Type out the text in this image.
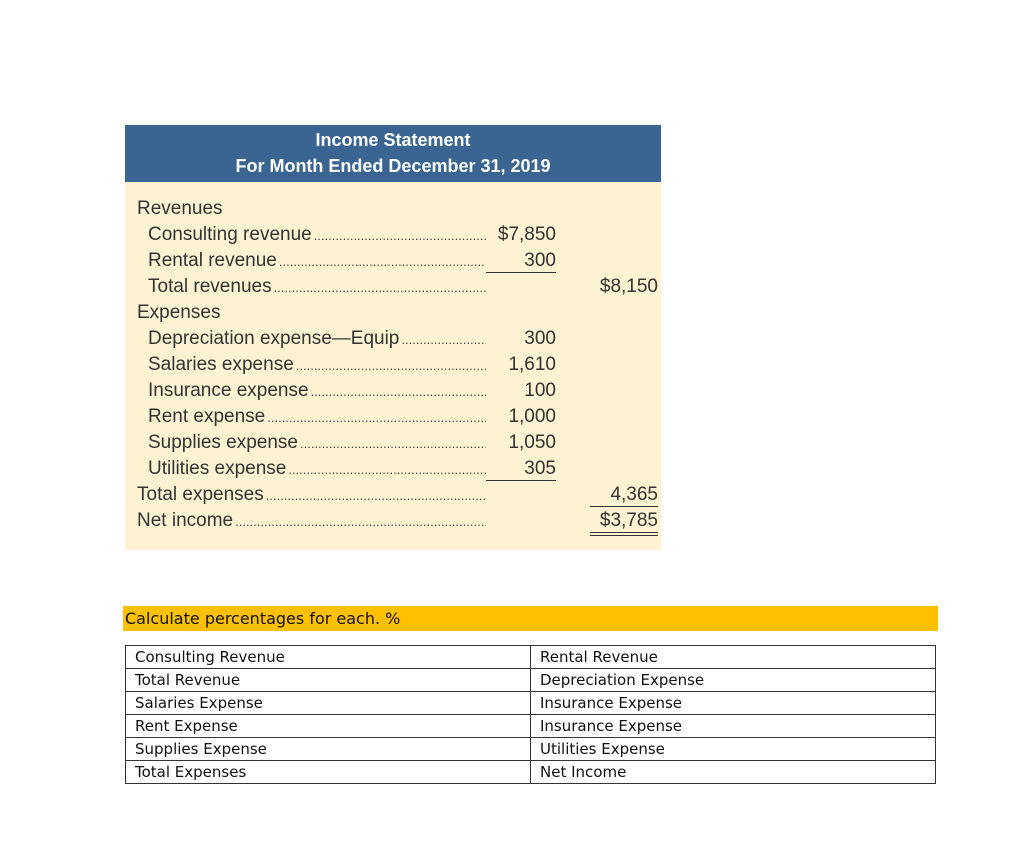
Income Statement
For Month Ended December 31, 2019
Revenues
Consulting revenue .....	$7,850
Rental revenue .....	300
Total revenues .....	$8,150
Expenses
Depreciation expense—Equip .....	300
Salaries expense .....	1,610
Insurance expense .....	100
Rent expense .....	1,000
Supplies expense .....	1,050
Utilities expense .....	305
Total expenses .....	4,365
Net income .....	$3,785
Calculate percentages for each. %
Consulting Revenue	Rental Revenue
Total Revenue	Depreciation Expense
Salaries Expense	Insurance Expense
Rent Expense	Insurance Expense
Supplies Expense	Utilities Expense
Total Expenses	Net Income
